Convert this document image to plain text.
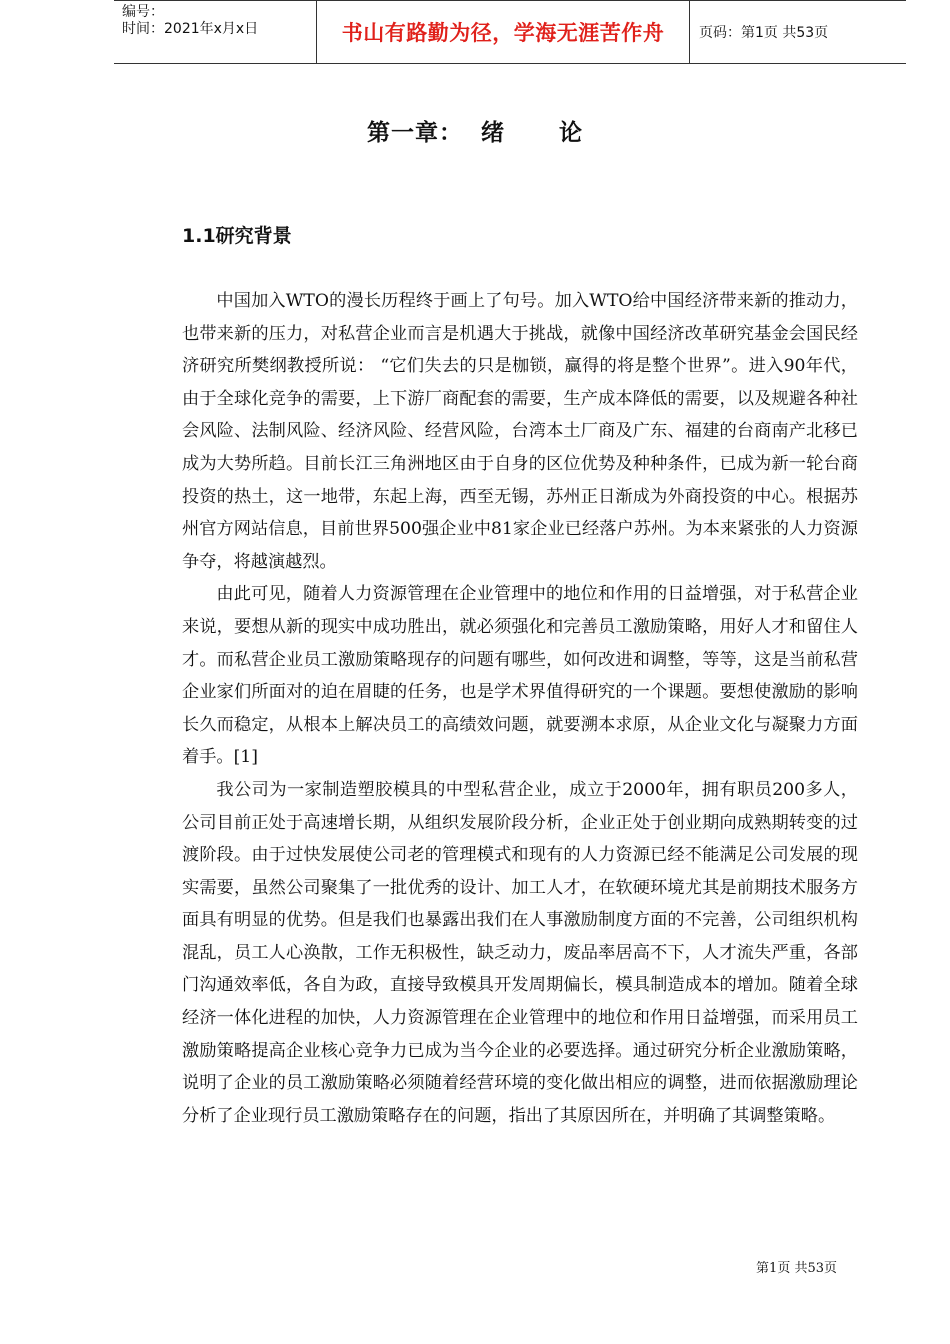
编号：
时间：2021年x月x日	书山有路勤为径，学海无涯苦作舟	页码：第1页 共53页
第一章：  绪      论
1.1研究背景

中国加入WTO的漫长历程终于画上了句号。加入WTO给中国经济带来新的推动力，也带来新的压力，对私营企业而言是机遇大于挑战，就像中国经济改革研究基金会国民经济研究所樊纲教授所说： “它们失去的只是枷锁，赢得的将是整个世界”。进入90年代，由于全球化竞争的需要，上下游厂商配套的需要，生产成本降低的需要，以及规避各种社会风险、法制风险、经济风险、经营风险，台湾本土厂商及广东、福建的台商南产北移已成为大势所趋。目前长江三角洲地区由于自身的区位优势及种种条件，已成为新一轮台商投资的热土，这一地带，东起上海，西至无锡，苏州正日渐成为外商投资的中心。根据苏州官方网站信息，目前世界500强企业中81家企业已经落户苏州。为本来紧张的人力资源争夺，将越演越烈。

由此可见，随着人力资源管理在企业管理中的地位和作用的日益增强，对于私营企业来说，要想从新的现实中成功胜出，就必须强化和完善员工激励策略，用好人才和留住人才。而私营企业员工激励策略现存的问题有哪些，如何改进和调整，等等，这是当前私营企业家们所面对的迫在眉睫的任务，也是学术界值得研究的一个课题。要想使激励的影响长久而稳定，从根本上解决员工的高绩效问题，就要溯本求原，从企业文化与凝聚力方面着手。[1]

我公司为一家制造塑胶模具的中型私营企业，成立于2000年，拥有职员200多人， 公司目前正处于高速增长期，从组织发展阶段分析，企业正处于创业期向成熟期转变的过渡阶段。由于过快发展使公司老的管理模式和现有的人力资源已经不能满足公司发展的现实需要，虽然公司聚集了一批优秀的设计、加工人才，在软硬环境尤其是前期技术服务方面具有明显的优势。但是我们也暴露出我们在人事激励制度方面的不完善，公司组织机构混乱，员工人心涣散，工作无积极性，缺乏动力，废品率居高不下，人才流失严重，各部门沟通效率低，各自为政，直接导致模具开发周期偏长，模具制造成本的增加。随着全球经济一体化进程的加快，人力资源管理在企业管理中的地位和作用日益增强，而采用员工激励策略提高企业核心竞争力已成为当今企业的必要选择。通过研究分析企业激励策略，说明了企业的员工激励策略必须随着经营环境的变化做出相应的调整，进而依据激励理论分析了企业现行员工激励策略存在的问题，指出了其原因所在，并明确了其调整策略。

第1页 共53页
